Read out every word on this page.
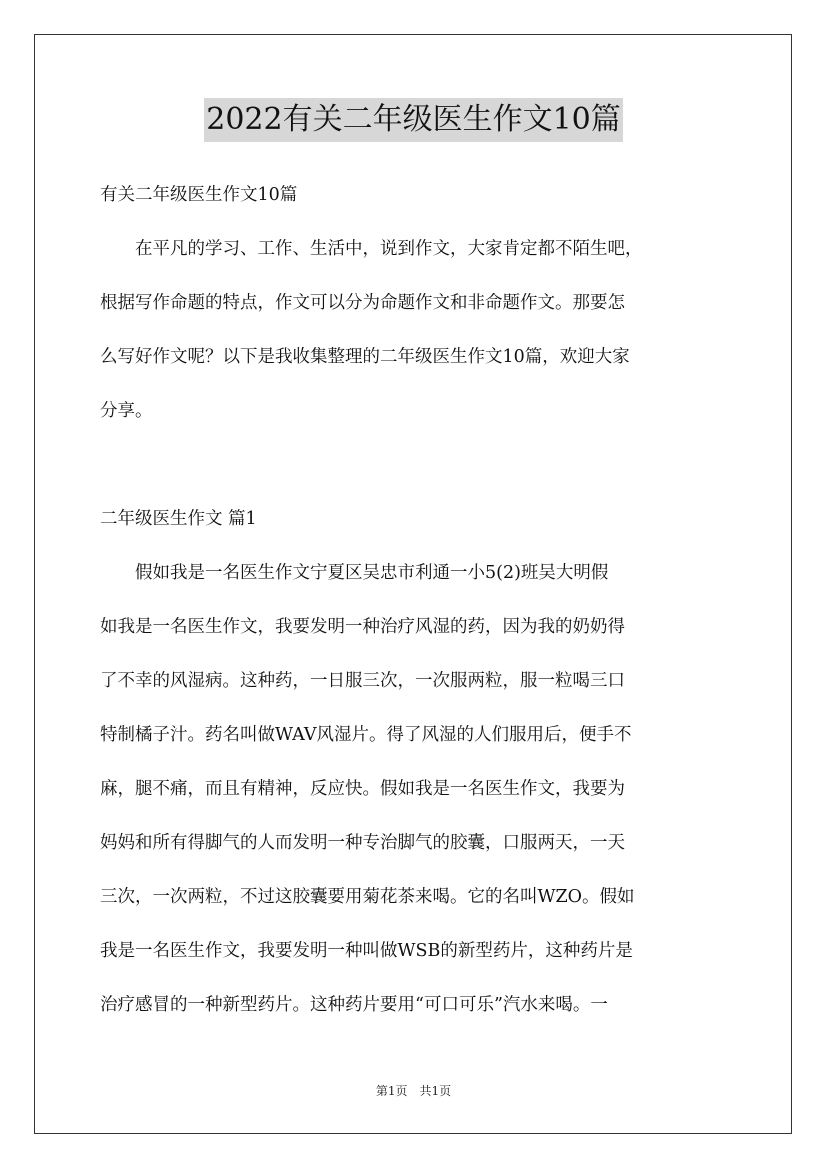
2022有关二年级医生作文10篇
有关二年级医生作文10篇
　　在平凡的学习、工作、生活中，说到作文，大家肯定都不陌生吧，
根据写作命题的特点，作文可以分为命题作文和非命题作文。那要怎
么写好作文呢？以下是我收集整理的二年级医生作文10篇，欢迎大家
分享。
二年级医生作文 篇1
　　假如我是一名医生作文宁夏区吴忠市利通一小5(2)班吴大明假
如我是一名医生作文，我要发明一种治疗风湿的药，因为我的奶奶得
了不幸的风湿病。这种药，一日服三次，一次服两粒，服一粒喝三口
特制橘子汁。药名叫做WAV风湿片。得了风湿的人们服用后，便手不
麻，腿不痛，而且有精神，反应快。假如我是一名医生作文，我要为
妈妈和所有得脚气的人而发明一种专治脚气的胶囊，口服两天，一天
三次，一次两粒，不过这胶囊要用菊花茶来喝。它的名叫WZO。假如
我是一名医生作文，我要发明一种叫做WSB的新型药片，这种药片是
治疗感冒的一种新型药片。这种药片要用“可口可乐”汽水来喝。一
第1页　共1页
